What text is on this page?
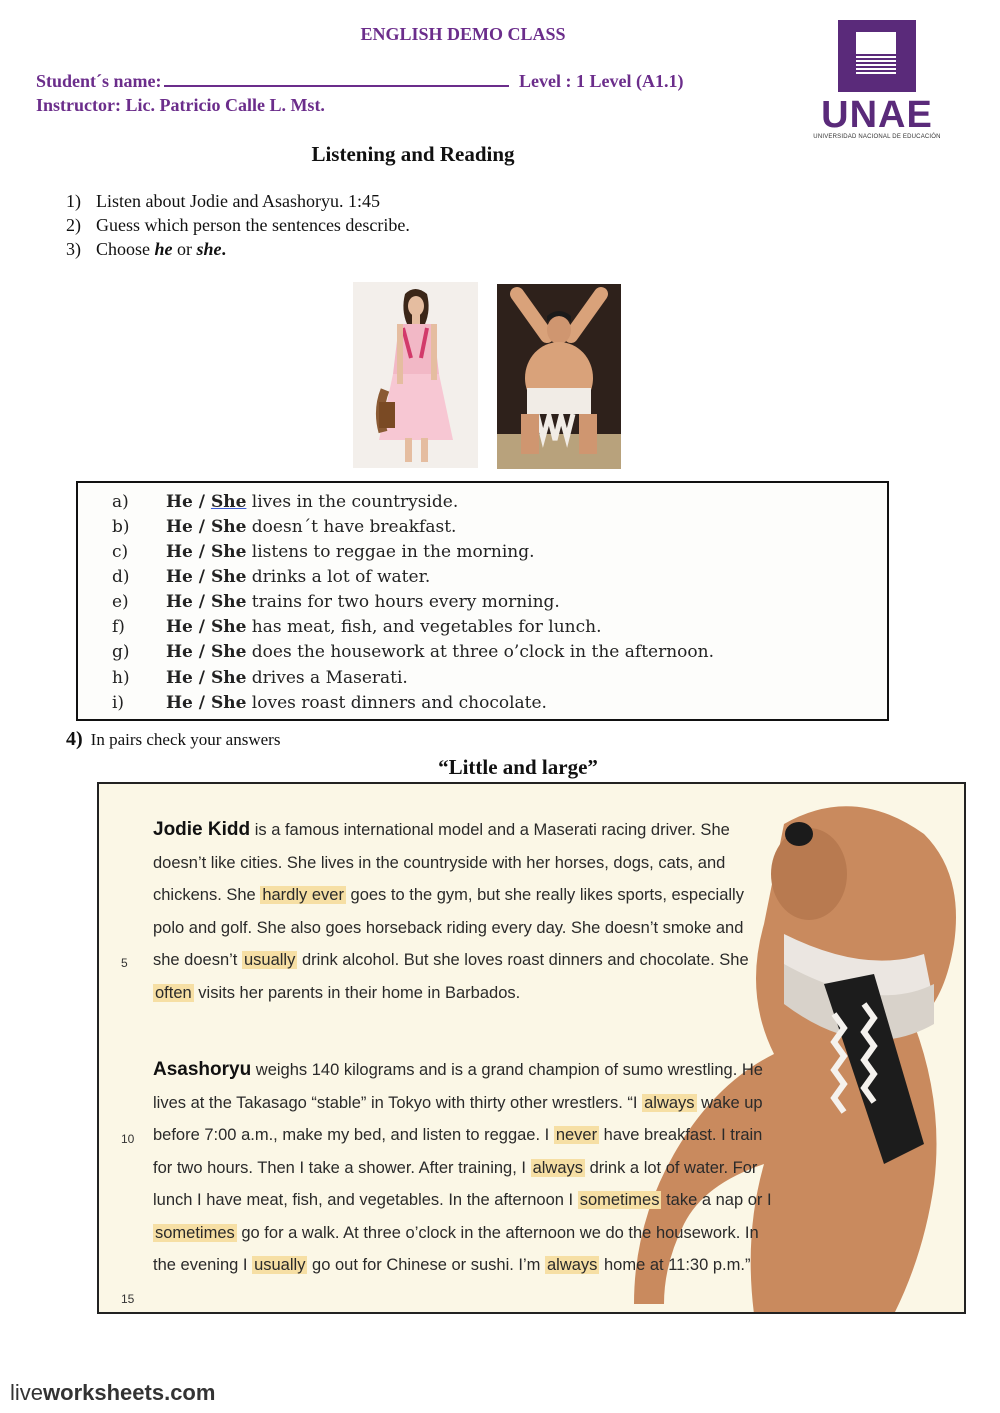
ENGLISH DEMO CLASS
Student´s name:	Level : 1 Level (A1.1)
Instructor: Lic. Patricio Calle L. Mst.	UNAE
UNIVERSIDAD NACIONAL DE EDUCACIÓN
Listening and Reading
1) Listen about Jodie and Asashoryu. 1:45
2) Guess which person the sentences describe.
3) Choose he or she.
a) He / She lives in the countryside.
b) He / She doesn´t have breakfast.
c) He / She listens to reggae in the morning.
d) He / She drinks a lot of water.
e) He / She trains for two hours every morning.
f) He / She has meat, fish, and vegetables for lunch.
g) He / She does the housework at three o’clock in the afternoon.
h) He / She drives a Maserati.
i) He / She loves roast dinners and chocolate.
4) In pairs check your answers
“Little and large”
5
10
15
Jodie Kidd is a famous international model and a Maserati racing driver. She doesn’t like cities. She lives in the countryside with her horses, dogs, cats, and chickens. She hardly ever goes to the gym, but she really likes sports, especially polo and golf. She also goes horseback riding every day. She doesn’t smoke and she doesn’t usually drink alcohol. But she loves roast dinners and chocolate. She often visits her parents in their home in Barbados.
Asashoryu weighs 140 kilograms and is a grand champion of sumo wrestling. He lives at the Takasago “stable” in Tokyo with thirty other wrestlers. “I always wake up before 7:00 a.m., make my bed, and listen to reggae. I never have breakfast. I train for two hours. Then I take a shower. After training, I always drink a lot of water. For lunch I have meat, fish, and vegetables. In the afternoon I sometimes take a nap or I sometimes go for a walk. At three o’clock in the afternoon we do the housework. In the evening I usually go out for Chinese or sushi. I’m always home at 11:30 p.m.”
liveworksheets.com
